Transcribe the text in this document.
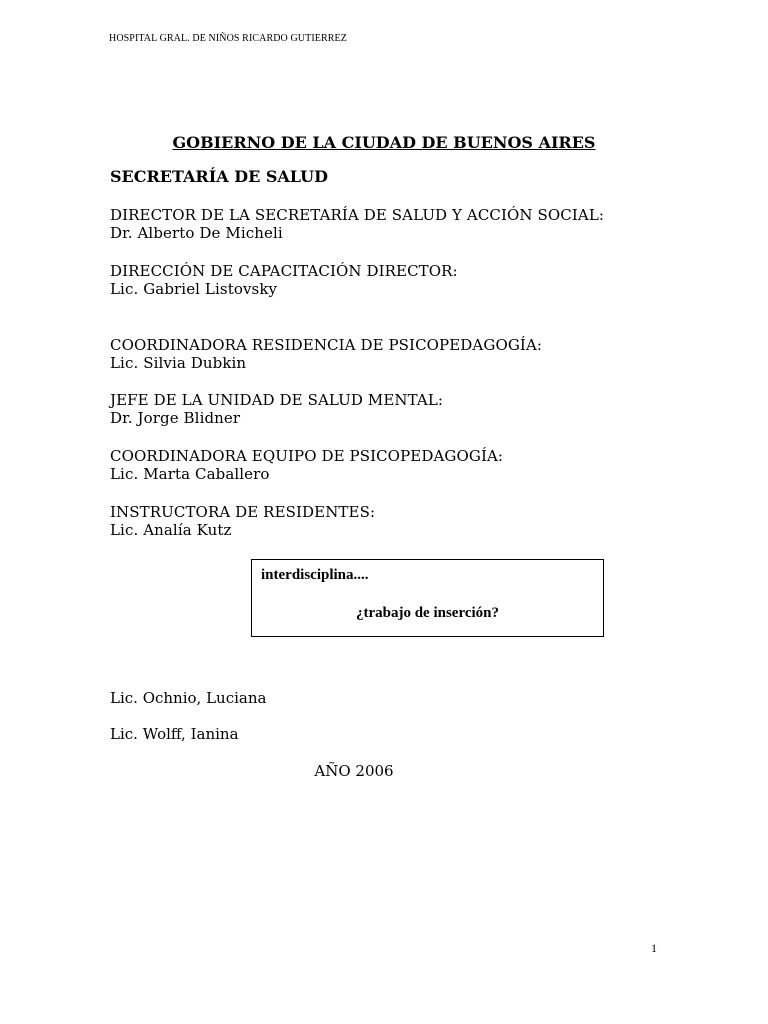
HOSPITAL GRAL. DE NIÑOS RICARDO GUTIERREZ
GOBIERNO DE LA CIUDAD DE BUENOS AIRES
SECRETARÍA DE SALUD
DIRECTOR DE LA SECRETARÍA DE SALUD Y ACCIÓN SOCIAL:
Dr. Alberto De Micheli
DIRECCIÓN DE CAPACITACIÓN DIRECTOR:
Lic. Gabriel Listovsky
COORDINADORA RESIDENCIA DE PSICOPEDAGOGÍA:
Lic. Silvia Dubkin
JEFE DE LA UNIDAD DE SALUD MENTAL:
Dr. Jorge Blidner
COORDINADORA EQUIPO DE PSICOPEDAGOGÍA:
Lic. Marta Caballero
INSTRUCTORA DE RESIDENTES:
Lic. Analía Kutz
interdisciplina....
¿trabajo de inserción?
Lic. Ochnio, Luciana
Lic. Wolff, Ianina
AÑO 2006
1
